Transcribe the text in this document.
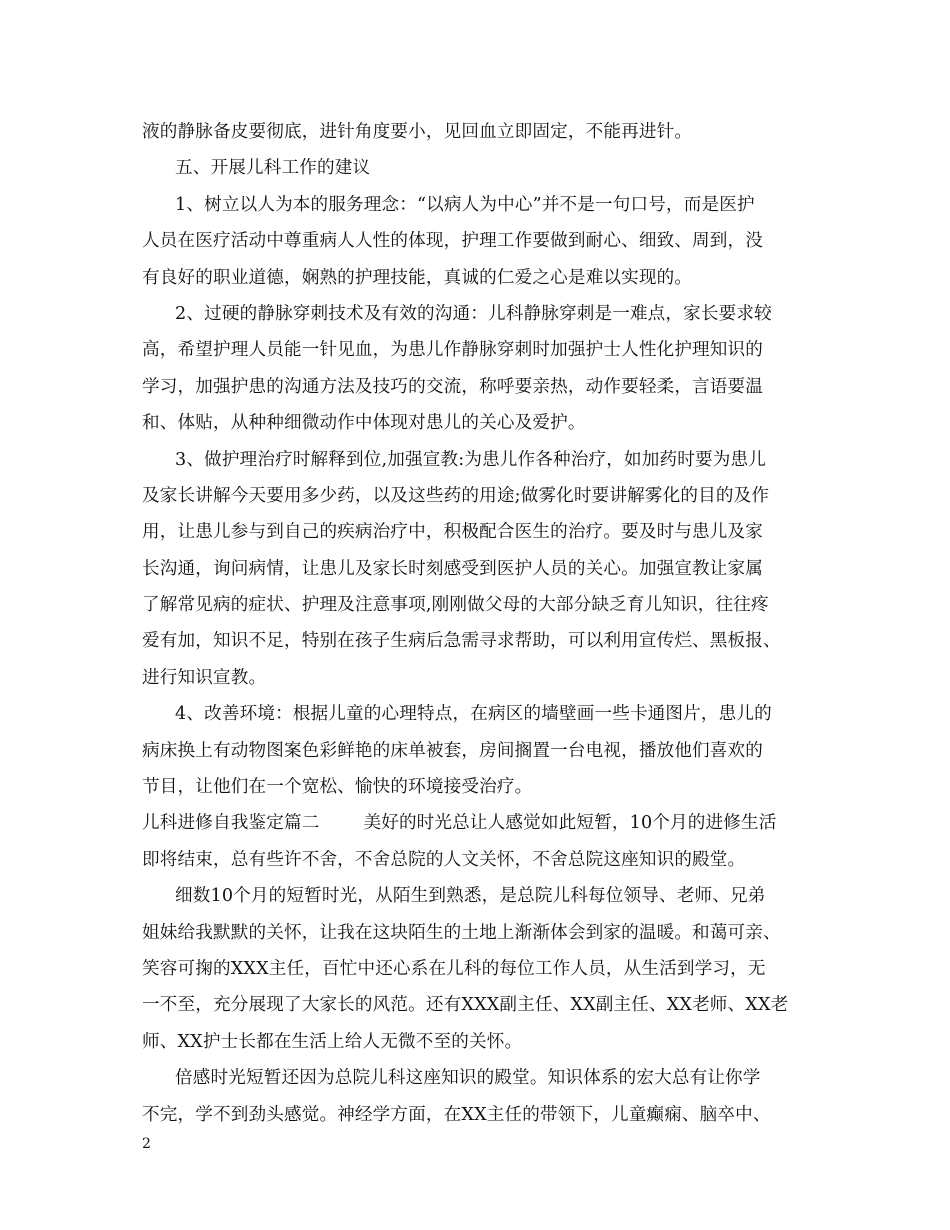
液的静脉备皮要彻底，进针角度要小，见回血立即固定，不能再进针。
五、开展儿科工作的建议
1、树立以人为本的服务理念：“以病人为中心”并不是一句口号，而是医护
人员在医疗活动中尊重病人人性的体现，护理工作要做到耐心、细致、周到，没
有良好的职业道德，娴熟的护理技能，真诚的仁爱之心是难以实现的。
2、过硬的静脉穿刺技术及有效的沟通：儿科静脉穿刺是一难点，家长要求较
高，希望护理人员能一针见血，为患儿作静脉穿刺时加强护士人性化护理知识的
学习，加强护患的沟通方法及技巧的交流，称呼要亲热，动作要轻柔，言语要温
和、体贴，从种种细微动作中体现对患儿的关心及爱护。
3、做护理治疗时解释到位,加强宣教:为患儿作各种治疗，如加药时要为患儿
及家长讲解今天要用多少药，以及这些药的用途;做雾化时要讲解雾化的目的及作
用，让患儿参与到自己的疾病治疗中，积极配合医生的治疗。要及时与患儿及家
长沟通，询问病情，让患儿及家长时刻感受到医护人员的关心。加强宣教让家属
了解常见病的症状、护理及注意事项,刚刚做父母的大部分缺乏育儿知识，往往疼
爱有加，知识不足，特别在孩子生病后急需寻求帮助，可以利用宣传烂、黑板报、
进行知识宣教。
4、改善环境：根据儿童的心理特点，在病区的墙壁画一些卡通图片，患儿的
病床换上有动物图案色彩鲜艳的床单被套，房间搁置一台电视，播放他们喜欢的
节目，让他们在一个宽松、愉快的环境接受治疗。
儿科进修自我鉴定篇二	美好的时光总让人感觉如此短暂，10个月的进修生活
即将结束，总有些许不舍，不舍总院的人文关怀，不舍总院这座知识的殿堂。
细数10个月的短暂时光，从陌生到熟悉，是总院儿科每位领导、老师、兄弟
姐妹给我默默的关怀，让我在这块陌生的土地上渐渐体会到家的温暖。和蔼可亲、
笑容可掬的XXX主任，百忙中还心系在儿科的每位工作人员，从生活到学习，无
一不至，充分展现了大家长的风范。还有XXX副主任、XX副主任、XX老师、XX老
师、XX护士长都在生活上给人无微不至的关怀。
倍感时光短暂还因为总院儿科这座知识的殿堂。知识体系的宏大总有让你学
不完，学不到劲头感觉。神经学方面，在XX主任的带领下，儿童癫痫、脑卒中、
2
